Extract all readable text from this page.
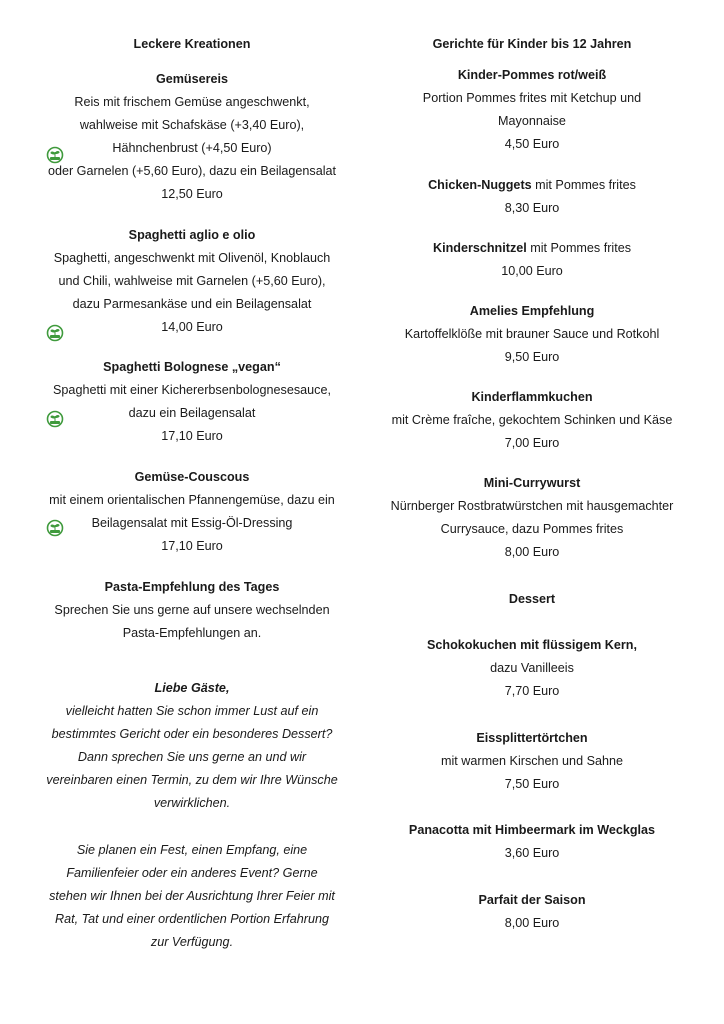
Leckere Kreationen
Gemüsereis
Reis mit frischem Gemüse angeschwenkt,
wahlweise mit Schafskäse (+3,40 Euro),
Hähnchenbrust (+4,50 Euro)
oder Garnelen (+5,60 Euro), dazu ein Beilagensalat
12,50 Euro
Spaghetti aglio e olio
Spaghetti, angeschwenkt mit Olivenöl, Knoblauch
und Chili, wahlweise mit Garnelen (+5,60 Euro),
dazu Parmesankäse und ein Beilagensalat
14,00 Euro
Spaghetti Bolognese „vegan“
Spaghetti mit einer Kichererbsenbolognesesauce,
dazu ein Beilagensalat
17,10 Euro
Gemüse-Couscous
mit einem orientalischen Pfannengemüse, dazu ein
Beilagensalat mit Essig-Öl-Dressing
17,10 Euro
Pasta-Empfehlung des Tages
Sprechen Sie uns gerne auf unsere wechselnden
Pasta-Empfehlungen an.
Liebe Gäste,
vielleicht hatten Sie schon immer Lust auf ein
bestimmtes Gericht oder ein besonderes Dessert?
Dann sprechen Sie uns gerne an und wir
vereinbaren einen Termin, zu dem wir Ihre Wünsche
verwirklichen.
Sie planen ein Fest, einen Empfang, eine
Familienfeier oder ein anderes Event? Gerne
stehen wir Ihnen bei der Ausrichtung Ihrer Feier mit
Rat, Tat und einer ordentlichen Portion Erfahrung
zur Verfügung.
Gerichte für Kinder bis 12 Jahren
Kinder-Pommes rot/weiß
Portion Pommes frites mit Ketchup und
Mayonnaise
4,50 Euro
Chicken-Nuggets mit Pommes frites
8,30 Euro
Kinderschnitzel mit Pommes frites
10,00 Euro
Amelies Empfehlung
Kartoffelklöße mit brauner Sauce und Rotkohl
9,50 Euro
Kinderflammkuchen
mit Crème fraîche, gekochtem Schinken und Käse
7,00 Euro
Mini-Currywurst
Nürnberger Rostbratwürstchen mit hausgemachter
Currysauce, dazu Pommes frites
8,00 Euro
Dessert
Schokokuchen mit flüssigem Kern,
dazu Vanilleeis
7,70 Euro
Eissplittertörtchen
mit warmen Kirschen und Sahne
7,50 Euro
Panacotta mit Himbeermark im Weckglas
3,60 Euro
Parfait der Saison
8,00 Euro
